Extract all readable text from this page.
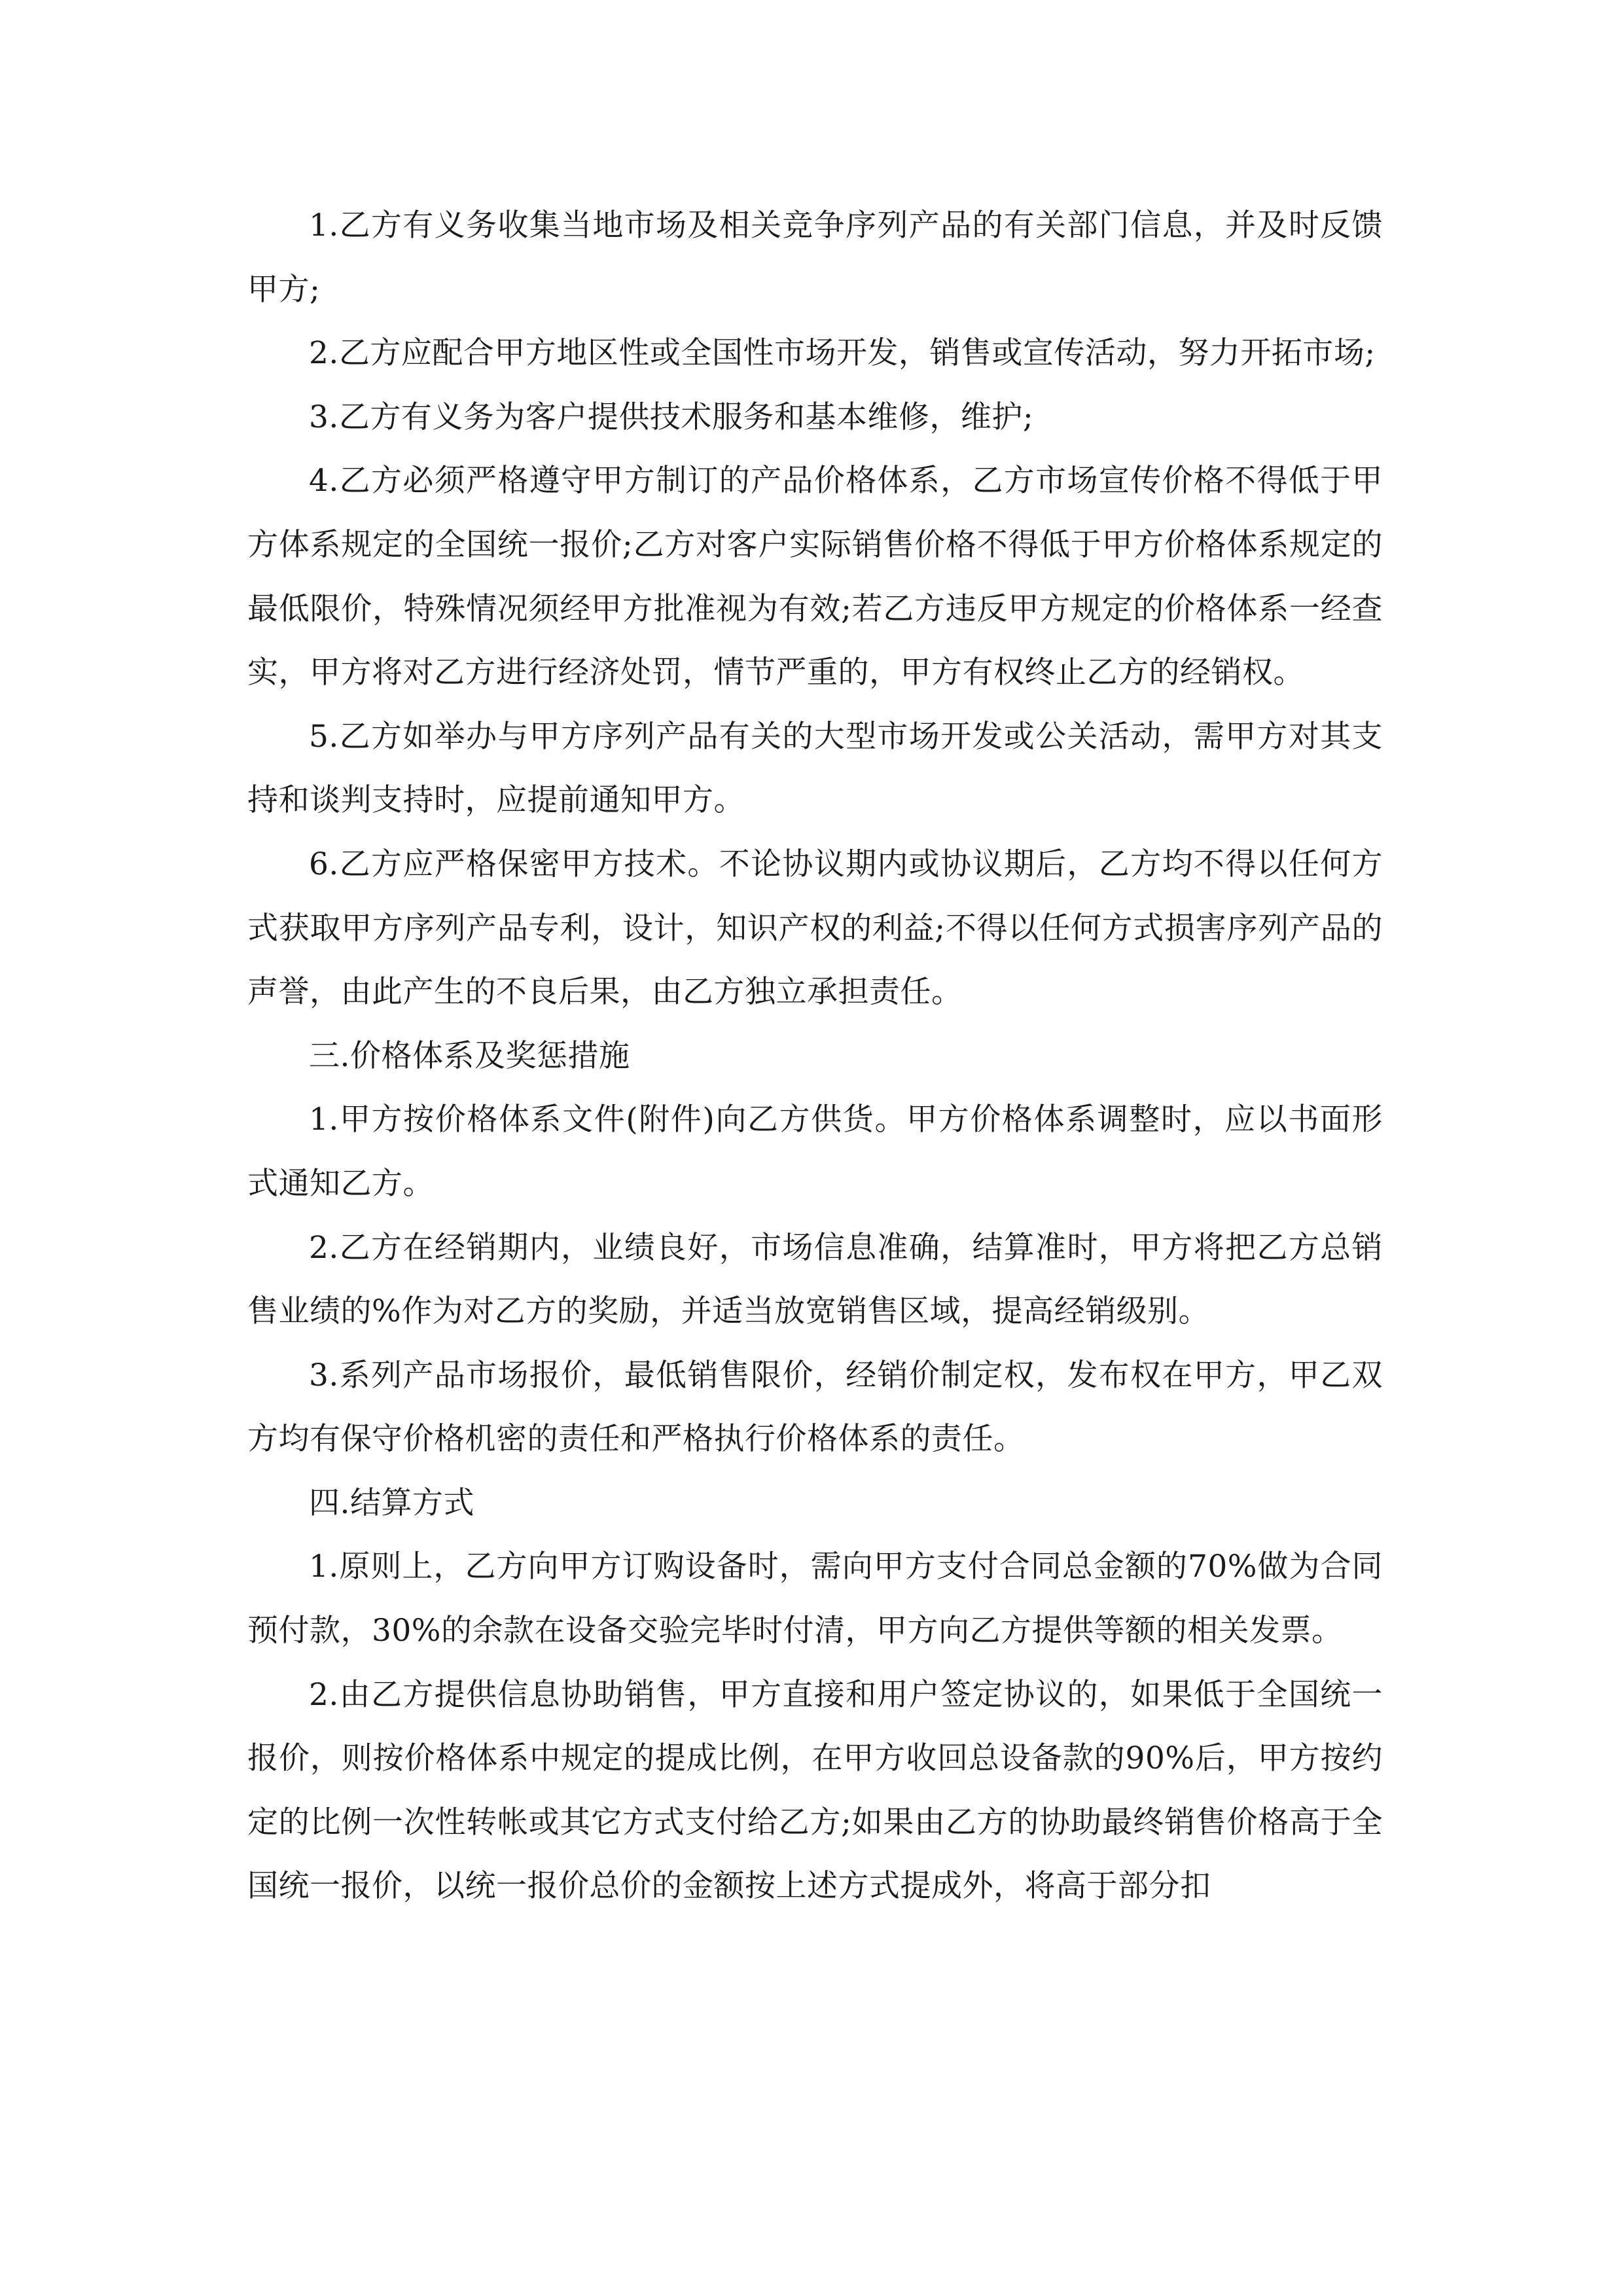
1.乙方有义务收集当地市场及相关竞争序列产品的有关部门信息，并及时反馈甲方;

2.乙方应配合甲方地区性或全国性市场开发，销售或宣传活动，努力开拓市场;

3.乙方有义务为客户提供技术服务和基本维修，维护;

4.乙方必须严格遵守甲方制订的产品价格体系，乙方市场宣传价格不得低于甲方体系规定的全国统一报价;乙方对客户实际销售价格不得低于甲方价格体系规定的最低限价，特殊情况须经甲方批准视为有效;若乙方违反甲方规定的价格体系一经查实，甲方将对乙方进行经济处罚，情节严重的，甲方有权终止乙方的经销权。

5.乙方如举办与甲方序列产品有关的大型市场开发或公关活动，需甲方对其支持和谈判支持时，应提前通知甲方。

6.乙方应严格保密甲方技术。不论协议期内或协议期后，乙方均不得以任何方式获取甲方序列产品专利，设计，知识产权的利益;不得以任何方式损害序列产品的声誉，由此产生的不良后果，由乙方独立承担责任。

三.价格体系及奖惩措施

1.甲方按价格体系文件(附件)向乙方供货。甲方价格体系调整时，应以书面形式通知乙方。

2.乙方在经销期内，业绩良好，市场信息准确，结算准时，甲方将把乙方总销售业绩的%作为对乙方的奖励，并适当放宽销售区域，提高经销级别。

3.系列产品市场报价，最低销售限价，经销价制定权，发布权在甲方，甲乙双方均有保守价格机密的责任和严格执行价格体系的责任。

四.结算方式

1.原则上，乙方向甲方订购设备时，需向甲方支付合同总金额的70%做为合同预付款，30%的余款在设备交验完毕时付清，甲方向乙方提供等额的相关发票。

2.由乙方提供信息协助销售，甲方直接和用户签定协议的，如果低于全国统一报价，则按价格体系中规定的提成比例，在甲方收回总设备款的90%后，甲方按约定的比例一次性转帐或其它方式支付给乙方;如果由乙方的协助最终销售价格高于全国统一报价，以统一报价总价的金额按上述方式提成外，将高于部分扣
